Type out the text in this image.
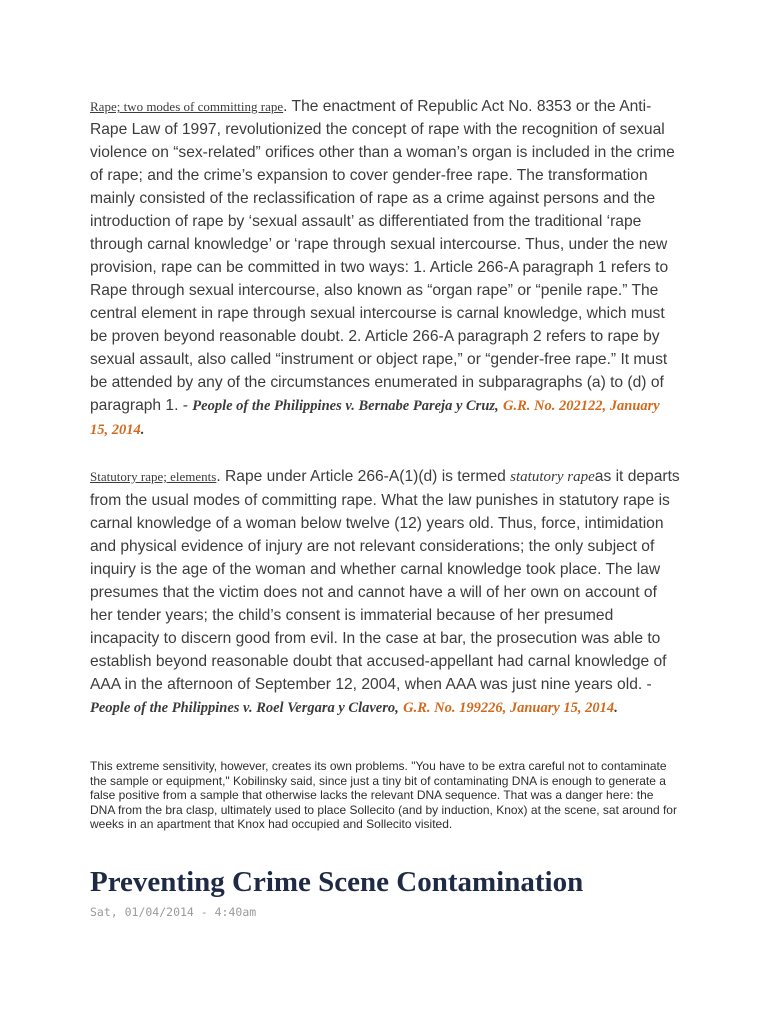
Rape; two modes of committing rape. The enactment of Republic Act No. 8353 or the Anti-Rape Law of 1997, revolutionized the concept of rape with the recognition of sexual violence on “sex-related” orifices other than a woman’s organ is included in the crime of rape; and the crime’s expansion to cover gender-free rape. The transformation mainly consisted of the reclassification of rape as a crime against persons and the introduction of rape by ‘sexual assault’ as differentiated from the traditional ‘rape through carnal knowledge’ or ‘rape through sexual intercourse. Thus, under the new provision, rape can be committed in two ways: 1. Article 266-A paragraph 1 refers to Rape through sexual intercourse, also known as “organ rape” or “penile rape.” The central element in rape through sexual intercourse is carnal knowledge, which must be proven beyond reasonable doubt. 2. Article 266-A paragraph 2 refers to rape by sexual assault, also called “instrument or object rape,” or “gender-free rape.” It must be attended by any of the circumstances enumerated in subparagraphs (a) to (d) of paragraph 1. - People of the Philippines v. Bernabe Pareja y Cruz, G.R. No. 202122, January 15, 2014.
Statutory rape; elements. Rape under Article 266-A(1)(d) is termed statutory rapeas it departs from the usual modes of committing rape. What the law punishes in statutory rape is carnal knowledge of a woman below twelve (12) years old. Thus, force, intimidation and physical evidence of injury are not relevant considerations; the only subject of inquiry is the age of the woman and whether carnal knowledge took place. The law presumes that the victim does not and cannot have a will of her own on account of her tender years; the child’s consent is immaterial because of her presumed incapacity to discern good from evil. In the case at bar, the prosecution was able to establish beyond reasonable doubt that accused-appellant had carnal knowledge of AAA in the afternoon of September 12, 2004, when AAA was just nine years old. - People of the Philippines v. Roel Vergara y Clavero, G.R. No. 199226, January 15, 2014.
This extreme sensitivity, however, creates its own problems. "You have to be extra careful not to contaminate the sample or equipment," Kobilinsky said, since just a tiny bit of contaminating DNA is enough to generate a false positive from a sample that otherwise lacks the relevant DNA sequence. That was a danger here: the DNA from the bra clasp, ultimately used to place Sollecito (and by induction, Knox) at the scene, sat around for weeks in an apartment that Knox had occupied and Sollecito visited.
Preventing Crime Scene Contamination
Sat, 01/04/2014 - 4:40am
